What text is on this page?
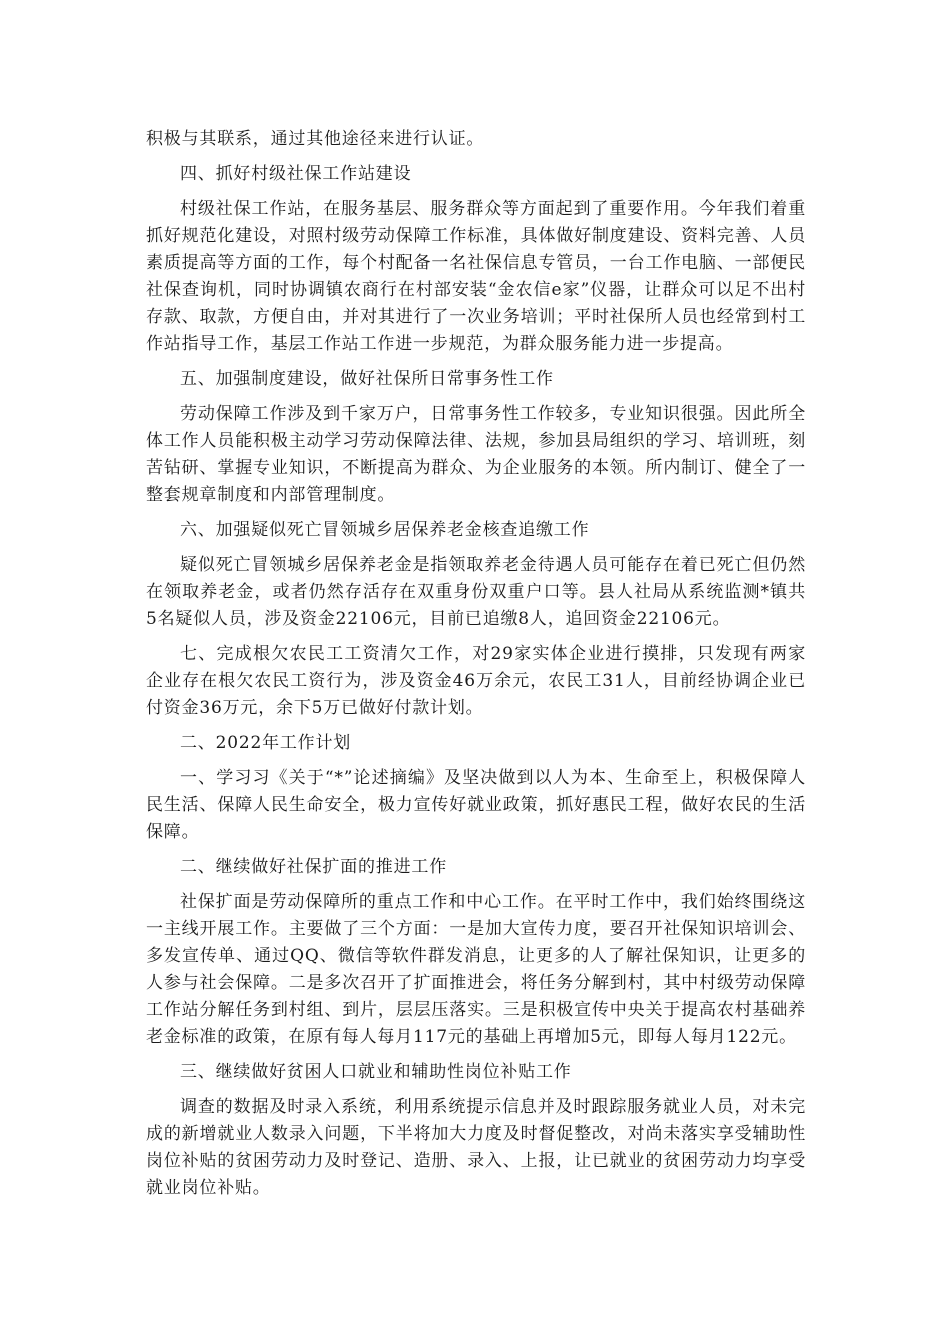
积极与其联系，通过其他途径来进行认证。

四、抓好村级社保工作站建设

村级社保工作站，在服务基层、服务群众等方面起到了重要作用。今年我们着重抓好规范化建设，对照村级劳动保障工作标准，具体做好制度建设、资料完善、人员素质提高等方面的工作，每个村配备一名社保信息专管员，一台工作电脑、一部便民社保查询机，同时协调镇农商行在村部安装“金农信e家”仪器，让群众可以足不出村存款、取款，方便自由，并对其进行了一次业务培训；平时社保所人员也经常到村工作站指导工作，基层工作站工作进一步规范，为群众服务能力进一步提高。

五、加强制度建设，做好社保所日常事务性工作

劳动保障工作涉及到千家万户，日常事务性工作较多，专业知识很强。因此所全体工作人员能积极主动学习劳动保障法律、法规，参加县局组织的学习、培训班，刻苦钻研、掌握专业知识，不断提高为群众、为企业服务的本领。所内制订、健全了一整套规章制度和内部管理制度。

六、加强疑似死亡冒领城乡居保养老金核查追缴工作

疑似死亡冒领城乡居保养老金是指领取养老金待遇人员可能存在着已死亡但仍然在领取养老金，或者仍然存活存在双重身份双重户口等。县人社局从系统监测*镇共5名疑似人员，涉及资金22106元，目前已追缴8人，追回资金22106元。

七、完成根欠农民工工资清欠工作，对29家实体企业进行摸排，只发现有两家企业存在根欠农民工资行为，涉及资金46万余元，农民工31人，目前经协调企业已付资金36万元，余下5万已做好付款计划。

二、2022年工作计划

一、学习习《关于“*”论述摘编》及坚决做到以人为本、生命至上，积极保障人民生活、保障人民生命安全，极力宣传好就业政策，抓好惠民工程，做好农民的生活保障。

二、继续做好社保扩面的推进工作

社保扩面是劳动保障所的重点工作和中心工作。在平时工作中，我们始终围绕这一主线开展工作。主要做了三个方面：一是加大宣传力度，要召开社保知识培训会、多发宣传单、通过QQ、微信等软件群发消息，让更多的人了解社保知识，让更多的人参与社会保障。二是多次召开了扩面推进会，将任务分解到村，其中村级劳动保障工作站分解任务到村组、到片，层层压落实。三是积极宣传中央关于提高农村基础养老金标准的政策，在原有每人每月117元的基础上再增加5元，即每人每月122元。

三、继续做好贫困人口就业和辅助性岗位补贴工作

调查的数据及时录入系统，利用系统提示信息并及时跟踪服务就业人员，对未完成的新增就业人数录入问题，下半将加大力度及时督促整改，对尚未落实享受辅助性岗位补贴的贫困劳动力及时登记、造册、录入、上报，让已就业的贫困劳动力均享受就业岗位补贴。
